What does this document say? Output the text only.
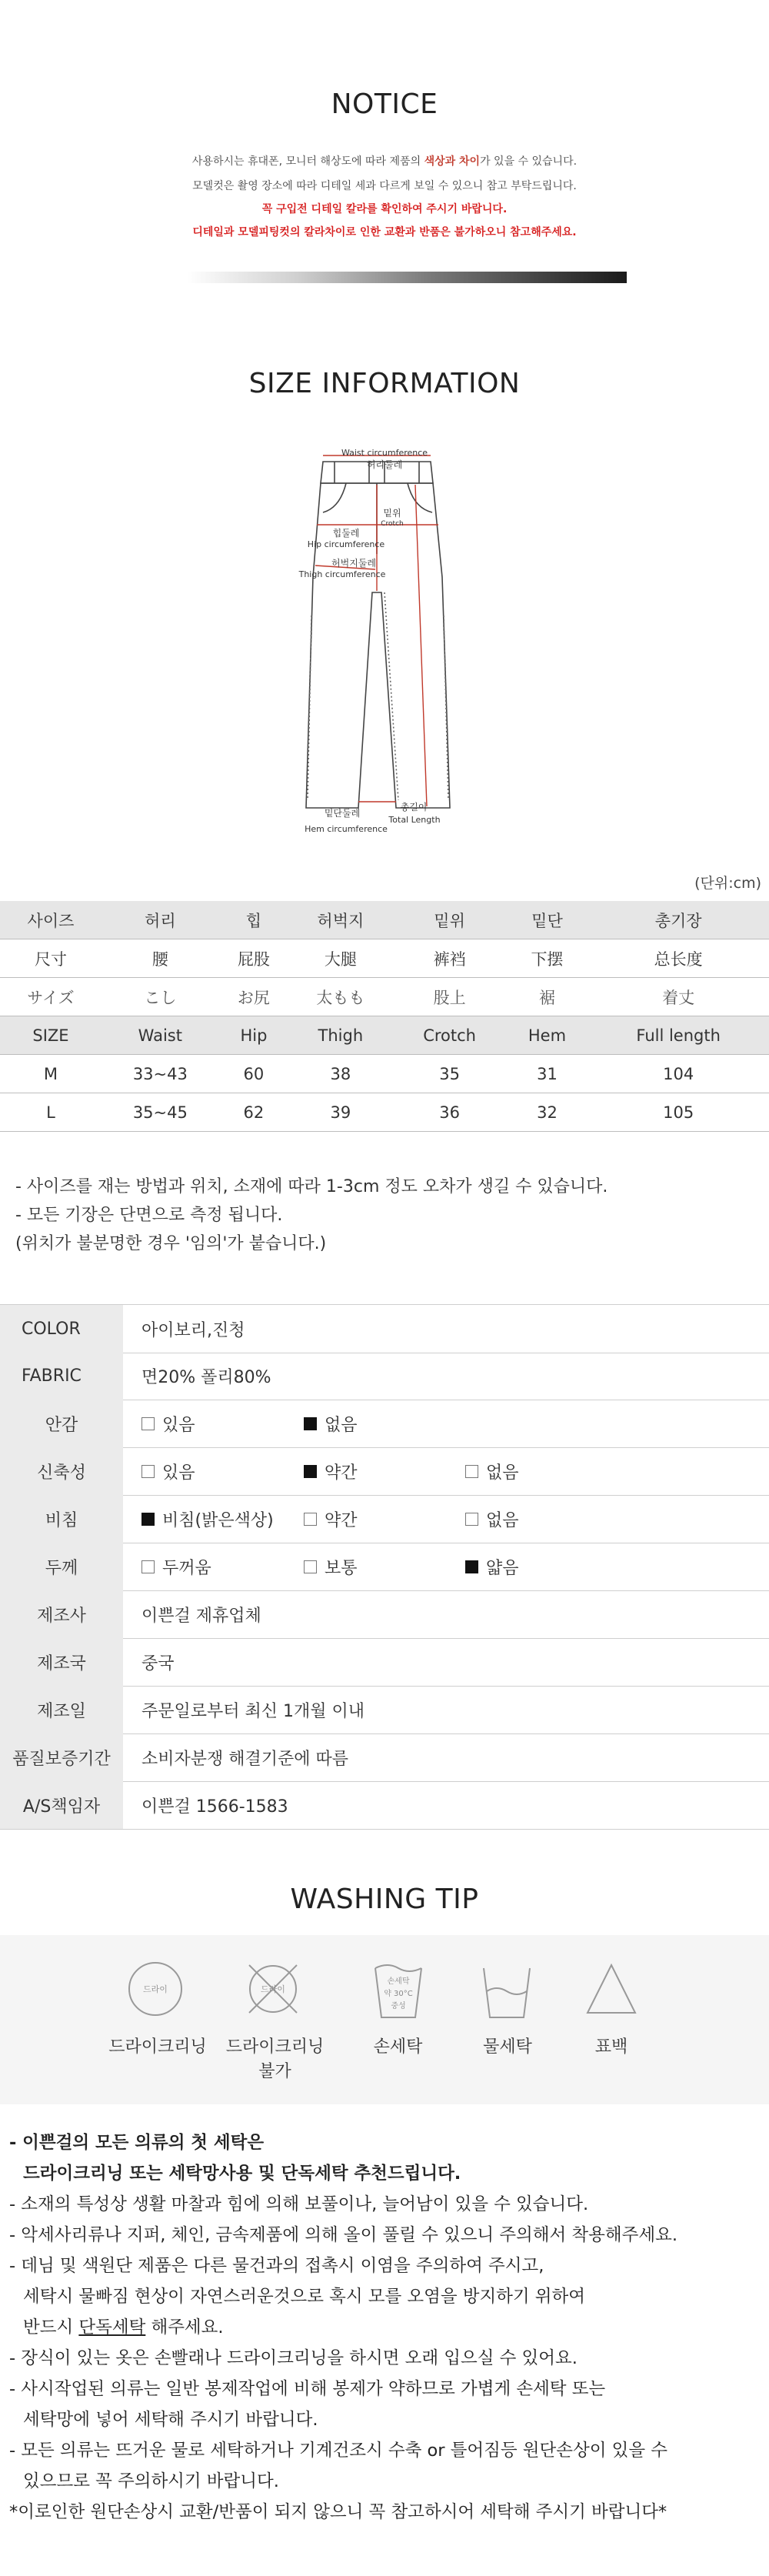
NOTICE
사용하시는 휴대폰, 모니터 해상도에 따라 제품의 색상과 차이가 있을 수 있습니다.
모델컷은 촬영 장소에 따라 디테일 세과 다르게 보일 수 있으니 참고 부탁드립니다.
꼭 구입전 디테일 칼라를 확인하여 주시기 바랍니다.
디테일과 모델피팅컷의 칼라차이로 인한 교환과 반품은 불가하오니 참고해주세요.
SIZE INFORMATION
Waist circumference
허리둘레
밑위
Crotch
힙둘레
Hip circumference
허벅지둘레
Thigh circumference
밑단둘레
Hem circumference
총길이
Total Length
(단위:cm)
사이즈	허리	힙	허벅지	밑위	밑단	총기장
尺寸	腰	屁股	大腿	裤裆	下摆	总长度
サイズ	こし	お尻	太もも	股上	裾	着丈
SIZE	Waist	Hip	Thigh	Crotch	Hem	Full length
M	33~43	60	38	35	31	104
L	35~45	62	39	36	32	105
- 사이즈를 재는 방법과 위치, 소재에 따라 1-3cm 정도 오차가 생길 수 있습니다.
- 모든 기장은 단면으로 측정 됩니다.
(위치가 불분명한 경우 '임의'가 붙습니다.)
COLOR	아이보리,진청
FABRIC	면20% 폴리80%
안감	있음	없음
신축성	있음	약간	없음
비침	비침(밝은색상)	약간	없음
두께	두꺼움	보통	얇음
제조사	이쁜걸 제휴업체
제조국	중국
제조일	주문일로부터 최신 1개월 이내
품질보증기간	소비자분쟁 해결기준에 따름
A/S책임자	이쁜걸 1566-1583
WASHING TIP
드라이	드라이
손세탁
약 30°C
중성
드라이크리닝	드라이크리닝
불가
손세탁	물세탁	표백
- 이쁜걸의 모든 의류의 첫 세탁은
드라이크리닝 또는 세탁망사용 및 단독세탁 추천드립니다.
- 소재의 특성상 생활 마찰과 힘에 의해 보풀이나, 늘어남이 있을 수 있습니다.
- 악세사리류나 지퍼, 체인, 금속제품에 의해 올이 풀릴 수 있으니 주의해서 착용해주세요.
- 데님 및 색원단 제품은 다른 물건과의 접촉시 이염을 주의하여 주시고,
세탁시 물빠짐 현상이 자연스러운것으로 혹시 모를 오염을 방지하기 위하여
반드시 단독세탁 해주세요.
- 장식이 있는 옷은 손빨래나 드라이크리닝을 하시면 오래 입으실 수 있어요.
- 사시작업된 의류는 일반 봉제작업에 비해 봉제가 약하므로 가볍게 손세탁 또는
세탁망에 넣어 세탁해 주시기 바랍니다.
- 모든 의류는 뜨거운 물로 세탁하거나 기계건조시 수축 or 틀어짐등 원단손상이 있을 수
있으므로 꼭 주의하시기 바랍니다.
*이로인한 원단손상시 교환/반품이 되지 않으니 꼭 참고하시어 세탁해 주시기 바랍니다*
